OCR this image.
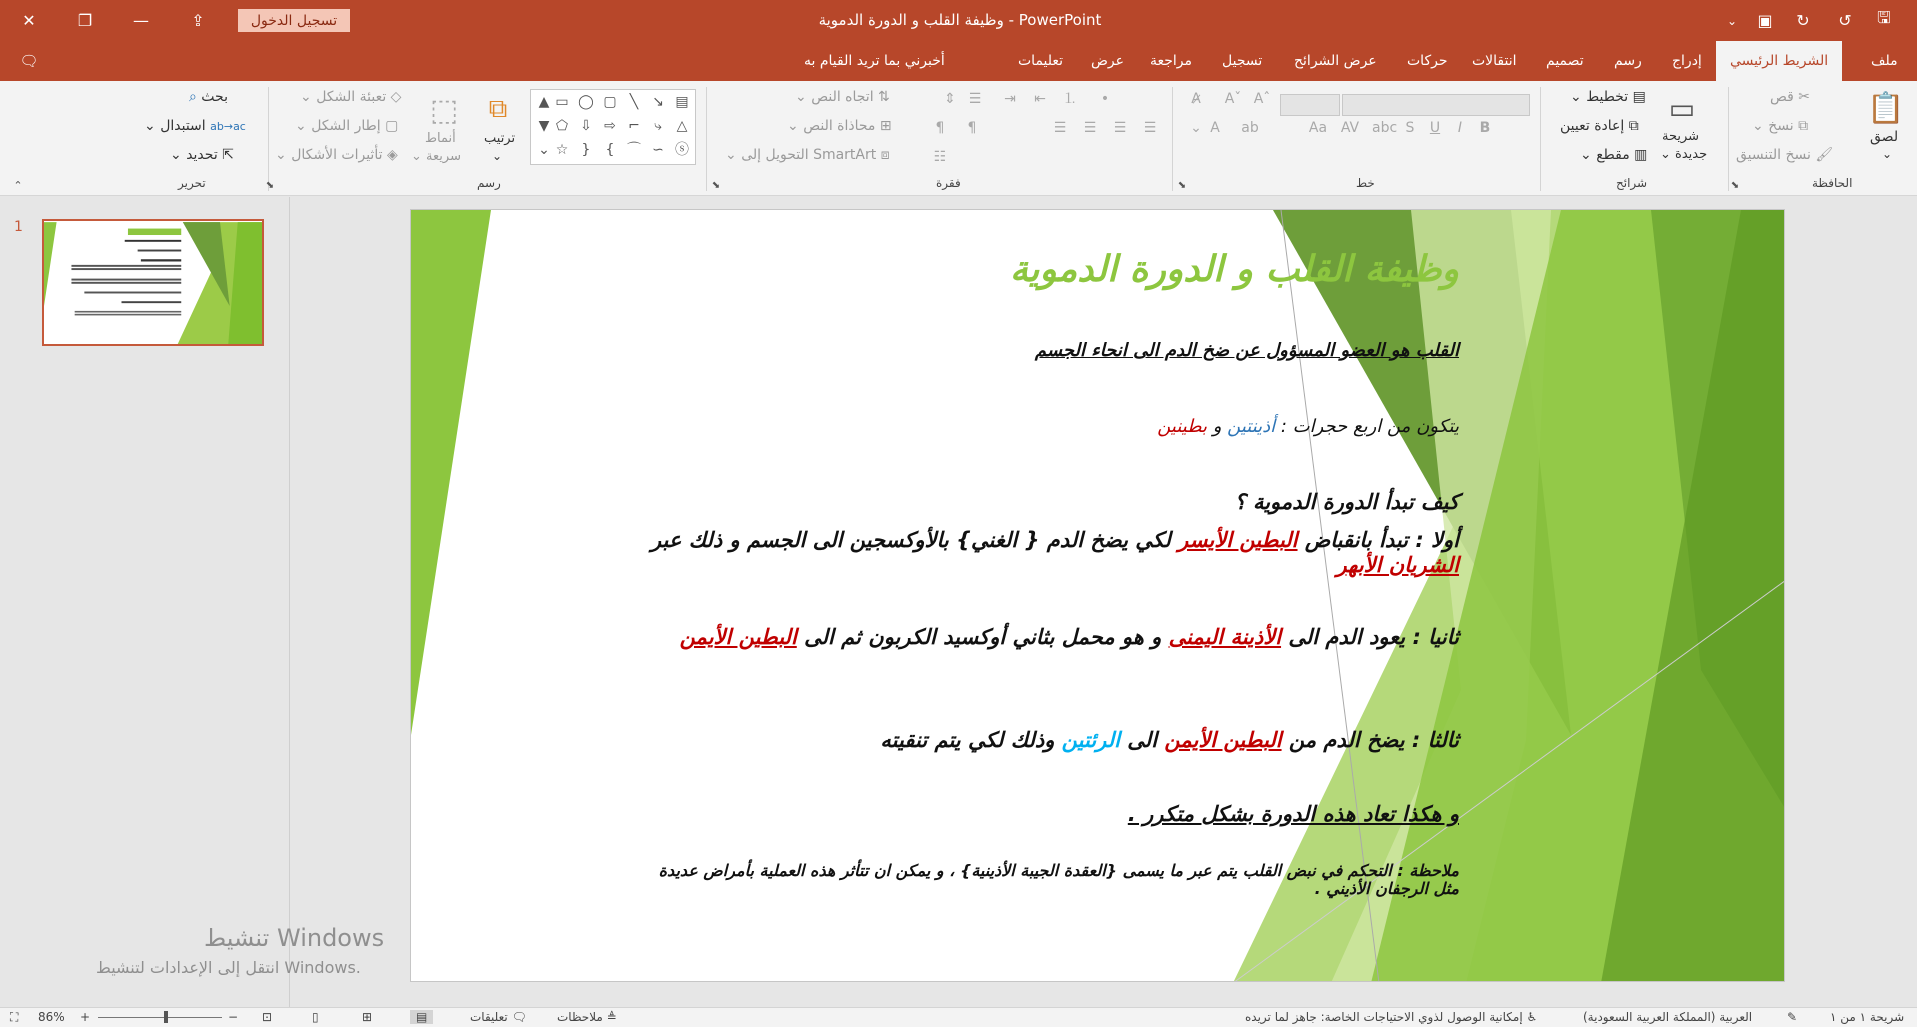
✕	❐	—	⇪	تسجيل الدخول	وظيفة القلب و الدورة الدموية - PowerPoint	⌄	▣	↻	↺	🖫
🗨	أخبرني بما تريد القيام به	تعليمات عرض مراجعة تسجيل عرض الشرائح حركات انتقالات تصميم رسم إدراج	الشريط الرئيسي	ملف
⌕ بحث
⌄ استبدال ab→ac
⌄ تحديد ⇱
تحرير
⌃
⌄ تعبئة الشكل ◇
⌄ إطار الشكل ▢
⌄ تأثيرات الأشكال ◈
⬚
أنماط
⌄ سريعة
⧉
ترتيب
⌄
▲
▼
⌄
▭ ◯ ▢ ╲ ↘ ▤
⬠ ⇩ ⇨ ⌐	⤷	△
☆ }	{ ⌒ ∽ ⓢ
رسم
⬊
⌄ اتجاه النص ⇅
⌄ محاذاة النص ⊞
⌄ التحويل إلى SmartArt ⧈
⇕ ☰ ⇥ ⇤ ⒈	•
¶	¶
☷
☰ ☰ ☰ ☰
فقرة
⬊
A̷	Aˇ Aˆ
⌄ A	ab	Aa AV abc S	U	I	B
خط
⬊
▭
شريحة
⌄ جديدة
⌄ تخطيط ▤
إعادة تعيين ⧉
⌄ مقطع ▥
شرائح	⬊
📋
لصق
⌄
قص ✂
⌄ نسخ ⧉
نسخ التنسيق 🖌
الحافظة
1
وظيفة القلب و الدورة الدموية
القلب هو العضو المسؤول عن ضخ الدم الى انحاء الجسم
يتكون من اربع حجرات : أذينتين و بطينين
كيف تبدأ الدورة الدموية ؟
أولا : تبدأ بانقباض البطين الأيسر لكي يضخ الدم { الغني} بالأوكسجين الى الجسم و ذلك عبر الشريان الأبهر
ثانيا : يعود الدم الى الأذينة اليمنى و هو محمل بثاني أوكسيد الكربون ثم الى البطين الأيمن
ثالثا : يضخ الدم من البطين الأيمن الى الرئتين وذلك لكي يتم تنقيته
و هكذا تعاد هذه الدورة بشكل متكرر .
ملاحظة : التحكم في نبض القلب يتم عبر ما يسمى {العقدة الجيبة الأذينية} ، و يمكن ان تتأثر هذه العملية بأمراض عديدة مثل الرجفان الأذيني .
تنشيط Windows
انتقل إلى الإعدادات لتنشيط Windows.
⛶ 86% +	− ⊡	▯	⊞	▤	تعليقات 🗨	ملاحظات ≜	إمكانية الوصول لذوي الاحتياجات الخاصة: جاهز لما تريده ♿	العربية (المملكة العربية السعودية)	✎	شريحة ١ من ١
